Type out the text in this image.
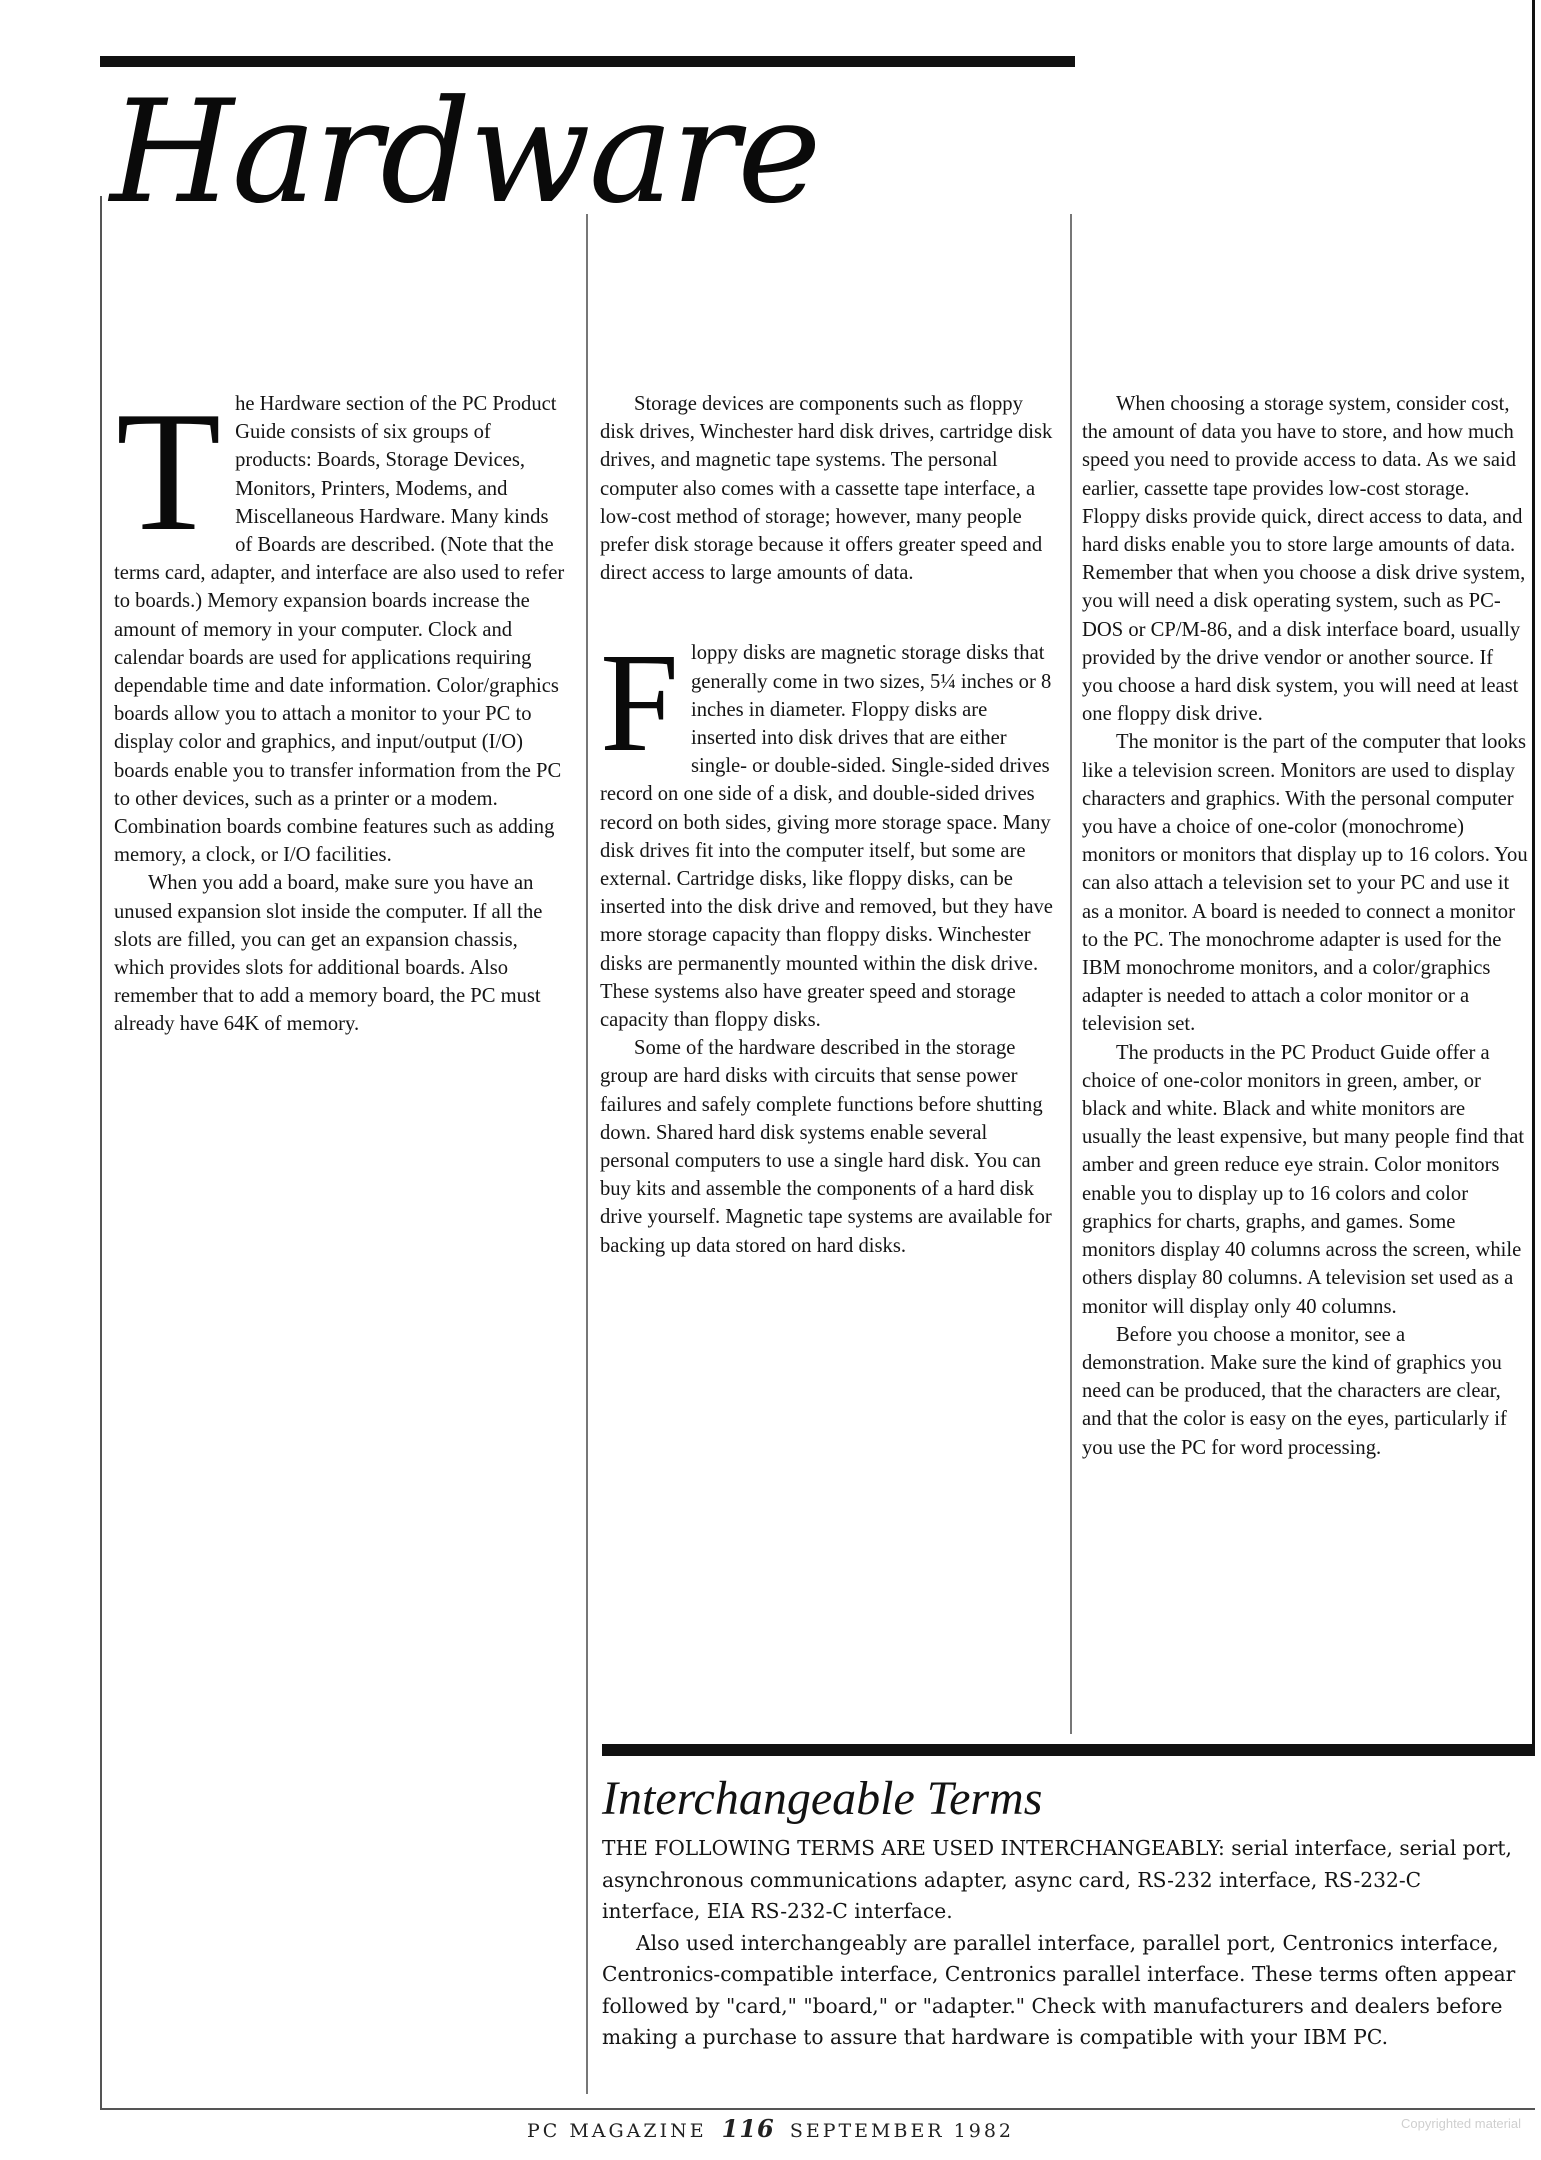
Hardware

The Hardware section of the PC Product Guide consists of six groups of products: Boards, Storage Devices, Monitors, Printers, Modems, and Miscellaneous Hardware. Many kinds of Boards are described. (Note that the terms card, adapter, and interface are also used to refer to boards.) Memory expansion boards increase the amount of memory in your computer. Clock and calendar boards are used for applications requiring dependable time and date information. Color/graphics boards allow you to attach a monitor to your PC to display color and graphics, and input/output (I/O) boards enable you to transfer information from the PC to other devices, such as a printer or a modem. Combination boards combine features such as adding memory, a clock, or I/O facilities.

When you add a board, make sure you have an unused expansion slot inside the computer. If all the slots are filled, you can get an expansion chassis, which provides slots for additional boards. Also remember that to add a memory board, the PC must already have 64K of memory.

Storage devices are components such as floppy disk drives, Winchester hard disk drives, cartridge disk drives, and magnetic tape systems. The personal computer also comes with a cassette tape interface, a low-cost method of storage; however, many people prefer disk storage because it offers greater speed and direct access to large amounts of data.

Floppy disks are magnetic storage disks that generally come in two sizes, 5¼ inches or 8 inches in diameter. Floppy disks are inserted into disk drives that are either single- or double-sided. Single-sided drives record on one side of a disk, and double-sided drives record on both sides, giving more storage space. Many disk drives fit into the computer itself, but some are external. Cartridge disks, like floppy disks, can be inserted into the disk drive and removed, but they have more storage capacity than floppy disks. Winchester disks are permanently mounted within the disk drive. These systems also have greater speed and storage capacity than floppy disks.

Some of the hardware described in the storage group are hard disks with circuits that sense power failures and safely complete functions before shutting down. Shared hard disk systems enable several personal computers to use a single hard disk. You can buy kits and assemble the components of a hard disk drive yourself. Magnetic tape systems are available for backing up data stored on hard disks.

When choosing a storage system, consider cost, the amount of data you have to store, and how much speed you need to provide access to data. As we said earlier, cassette tape provides low-cost storage. Floppy disks provide quick, direct access to data, and hard disks enable you to store large amounts of data. Remember that when you choose a disk drive system, you will need a disk operating system, such as PC-DOS or CP/M-86, and a disk interface board, usually provided by the drive vendor or another source. If you choose a hard disk system, you will need at least one floppy disk drive.

The monitor is the part of the computer that looks like a television screen. Monitors are used to display characters and graphics. With the personal computer you have a choice of one-color (monochrome) monitors or monitors that display up to 16 colors. You can also attach a television set to your PC and use it as a monitor. A board is needed to connect a monitor to the PC. The monochrome adapter is used for the IBM monochrome monitors, and a color/graphics adapter is needed to attach a color monitor or a television set.

The products in the PC Product Guide offer a choice of one-color monitors in green, amber, or black and white. Black and white monitors are usually the least expensive, but many people find that amber and green reduce eye strain. Color monitors enable you to display up to 16 colors and color graphics for charts, graphs, and games. Some monitors display 40 columns across the screen, while others display 80 columns. A television set used as a monitor will display only 40 columns.

Before you choose a monitor, see a demonstration. Make sure the kind of graphics you need can be produced, that the characters are clear, and that the color is easy on the eyes, particularly if you use the PC for word processing.

Interchangeable Terms

THE FOLLOWING TERMS ARE USED INTERCHANGEABLY: serial interface, serial port, asynchronous communications adapter, async card, RS-232 interface, RS-232-C interface, EIA RS-232-C interface.

Also used interchangeably are parallel interface, parallel port, Centronics interface, Centronics-compatible interface, Centronics parallel interface. These terms often appear followed by "card," "board," or "adapter." Check with manufacturers and dealers before making a purchase to assure that hardware is compatible with your IBM PC.

PC MAGAZINE 116 SEPTEMBER 1982	Copyrighted material
